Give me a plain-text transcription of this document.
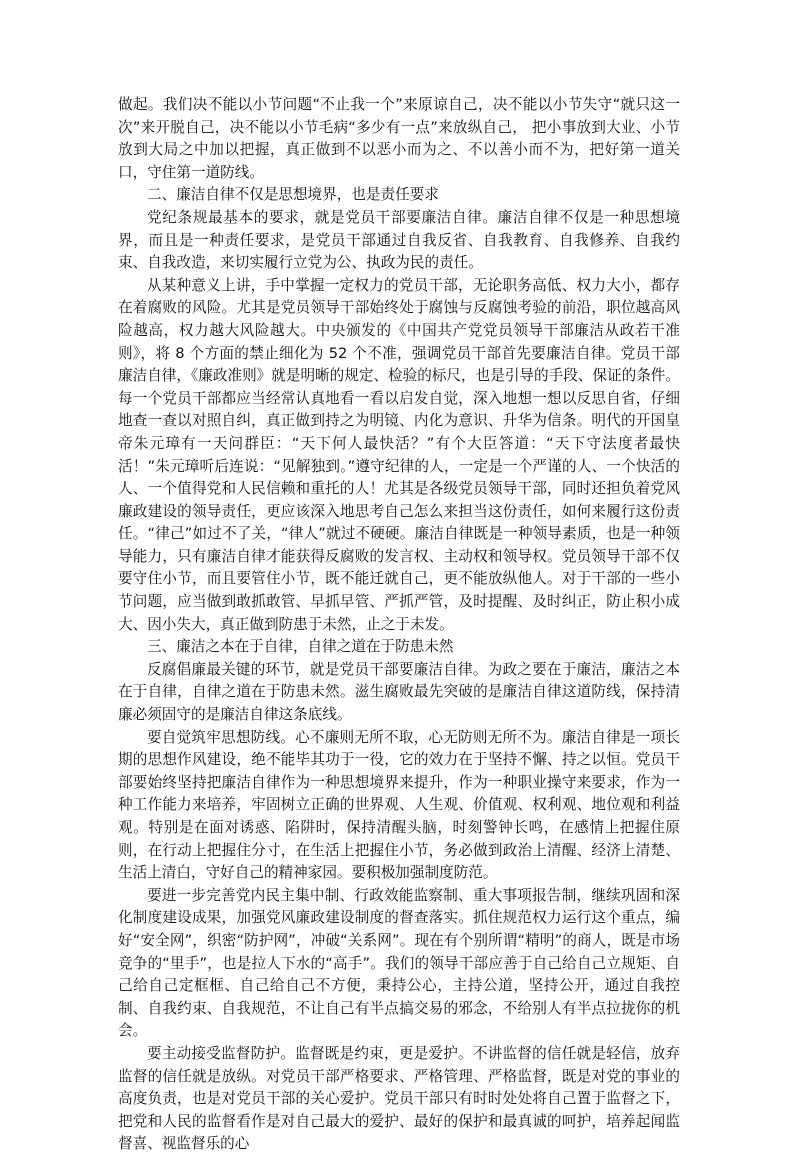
做起。我们决不能以小节问题“不止我一个”来原谅自己，决不能以小节失守“就只这一次”来开脱自己，决不能以小节毛病“多少有一点”来放纵自己， 把小事放到大业、小节放到大局之中加以把握，真正做到不以恶小而为之、不以善小而不为，把好第一道关口，守住第一道防线。

二、廉洁自律不仅是思想境界，也是责任要求

党纪条规最基本的要求，就是党员干部要廉洁自律。廉洁自律不仅是一种思想境界，而且是一种责任要求，是党员干部通过自我反省、自我教育、自我修养、自我约束、自我改造，来切实履行立党为公、执政为民的责任。

从某种意义上讲，手中掌握一定权力的党员干部，无论职务高低、权力大小，都存在着腐败的风险。尤其是党员领导干部始终处于腐蚀与反腐蚀考验的前沿，职位越高风险越高，权力越大风险越大。中央颁发的《中国共产党党员领导干部廉洁从政若干准则》，将 8 个方面的禁止细化为 52 个不准，强调党员干部首先要廉洁自律。党员干部廉洁自律，《廉政准则》就是明晰的规定、检验的标尺，也是引导的手段、保证的条件。每一个党员干部都应当经常认真地看一看以启发自觉，深入地想一想以反思自省，仔细地查一查以对照自纠，真正做到持之为明镜、内化为意识、升华为信条。明代的开国皇帝朱元璋有一天问群臣：“天下何人最快活？”有个大臣答道：“天下守法度者最快活！”朱元璋听后连说：“见解独到。”遵守纪律的人，一定是一个严谨的人、一个快活的人、一个值得党和人民信赖和重托的人！尤其是各级党员领导干部，同时还担负着党风廉政建设的领导责任，更应该深入地思考自己怎么来担当这份责任，如何来履行这份责任。“律己”如过不了关，“律人”就过不硬硬。廉洁自律既是一种领导素质，也是一种领导能力，只有廉洁自律才能获得反腐败的发言权、主动权和领导权。党员领导干部不仅要守住小节，而且要管住小节，既不能迁就自己，更不能放纵他人。对于干部的一些小节问题，应当做到敢抓敢管、早抓早管、严抓严管，及时提醒、及时纠正，防止积小成大、因小失大，真正做到防患于未然，止之于未发。

三、廉洁之本在于自律，自律之道在于防患未然

反腐倡廉最关键的环节，就是党员干部要廉洁自律。为政之要在于廉洁，廉洁之本在于自律，自律之道在于防患未然。滋生腐败最先突破的是廉洁自律这道防线，保持清廉必须固守的是廉洁自律这条底线。

要自觉筑牢思想防线。心不廉则无所不取，心无防则无所不为。廉洁自律是一项长期的思想作风建设，绝不能毕其功于一役，它的效力在于坚持不懈、持之以恒。党员干部要始终坚持把廉洁自律作为一种思想境界来提升，作为一种职业操守来要求，作为一种工作能力来培养，牢固树立正确的世界观、人生观、价值观、权利观、地位观和利益观。特别是在面对诱惑、陷阱时，保持清醒头脑，时刻警钟长鸣，在感情上把握住原则，在行动上把握住分寸，在生活上把握住小节，务必做到政治上清醒、经济上清楚、生活上清白，守好自己的精神家园。要积极加强制度防范。

要进一步完善党内民主集中制、行政效能监察制、重大事项报告制，继续巩固和深化制度建设成果，加强党风廉政建设制度的督查落实。抓住规范权力运行这个重点，编好“安全网”，织密“防护网”，冲破“关系网”。现在有个别所谓“精明”的商人，既是市场竞争的“里手”，也是拉人下水的“高手”。我们的领导干部应善于自己给自己立规矩、自己给自己定框框、自己给自己不方便，秉持公心，主持公道，坚持公开，通过自我控制、自我约束、自我规范，不让自己有半点搞交易的邪念，不给别人有半点拉拢你的机会。

要主动接受监督防护。监督既是约束，更是爱护。不讲监督的信任就是轻信，放弃监督的信任就是放纵。对党员干部严格要求、严格管理、严格监督，既是对党的事业的高度负责，也是对党员干部的关心爱护。党员干部只有时时处处将自己置于监督之下，把党和人民的监督看作是对自己最大的爱护、最好的保护和最真诚的呵护，培养起闻监督喜、视监督乐的心
